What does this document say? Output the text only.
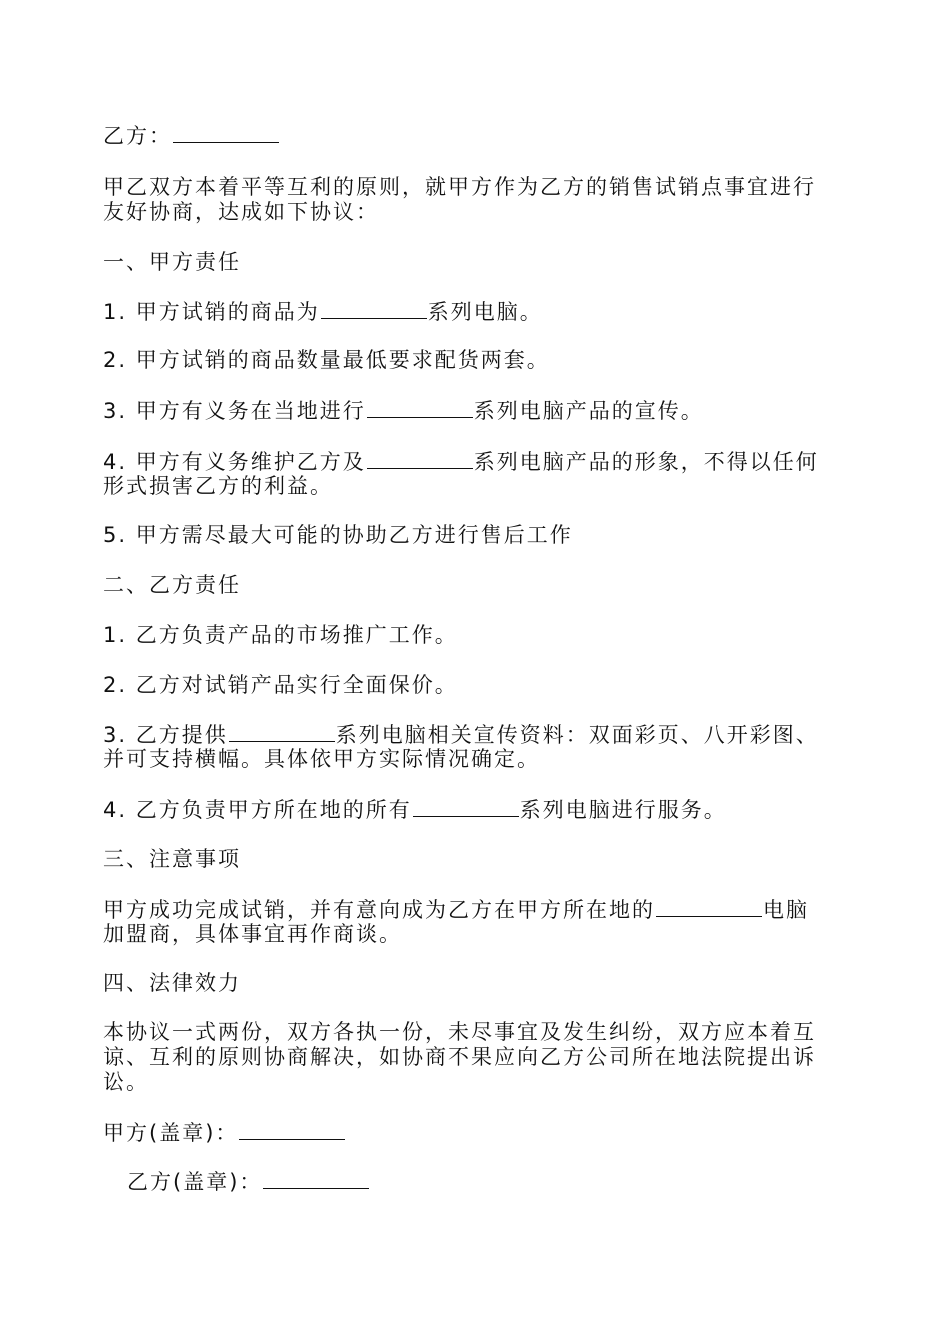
乙方：
甲乙双方本着平等互利的原则，就甲方作为乙方的销售试销点事宜进行
友好协商，达成如下协议：
一、甲方责任
1. 甲方试销的商品为	系列电脑。
2. 甲方试销的商品数量最低要求配货两套。
3. 甲方有义务在当地进行	系列电脑产品的宣传。
4. 甲方有义务维护乙方及	系列电脑产品的形象，不得以任何
形式损害乙方的利益。
5. 甲方需尽最大可能的协助乙方进行售后工作
二、乙方责任
1. 乙方负责产品的市场推广工作。
2. 乙方对试销产品实行全面保价。
3. 乙方提供	系列电脑相关宣传资料：双面彩页、八开彩图、
并可支持横幅。具体依甲方实际情况确定。
4. 乙方负责甲方所在地的所有	系列电脑进行服务。
三、注意事项
甲方成功完成试销，并有意向成为乙方在甲方所在地的	电脑
加盟商，具体事宜再作商谈。
四、法律效力
本协议一式两份，双方各执一份，未尽事宜及发生纠纷，双方应本着互
谅、互利的原则协商解决，如协商不果应向乙方公司所在地法院提出诉
讼。
甲方(盖章)：
乙方(盖章)：
